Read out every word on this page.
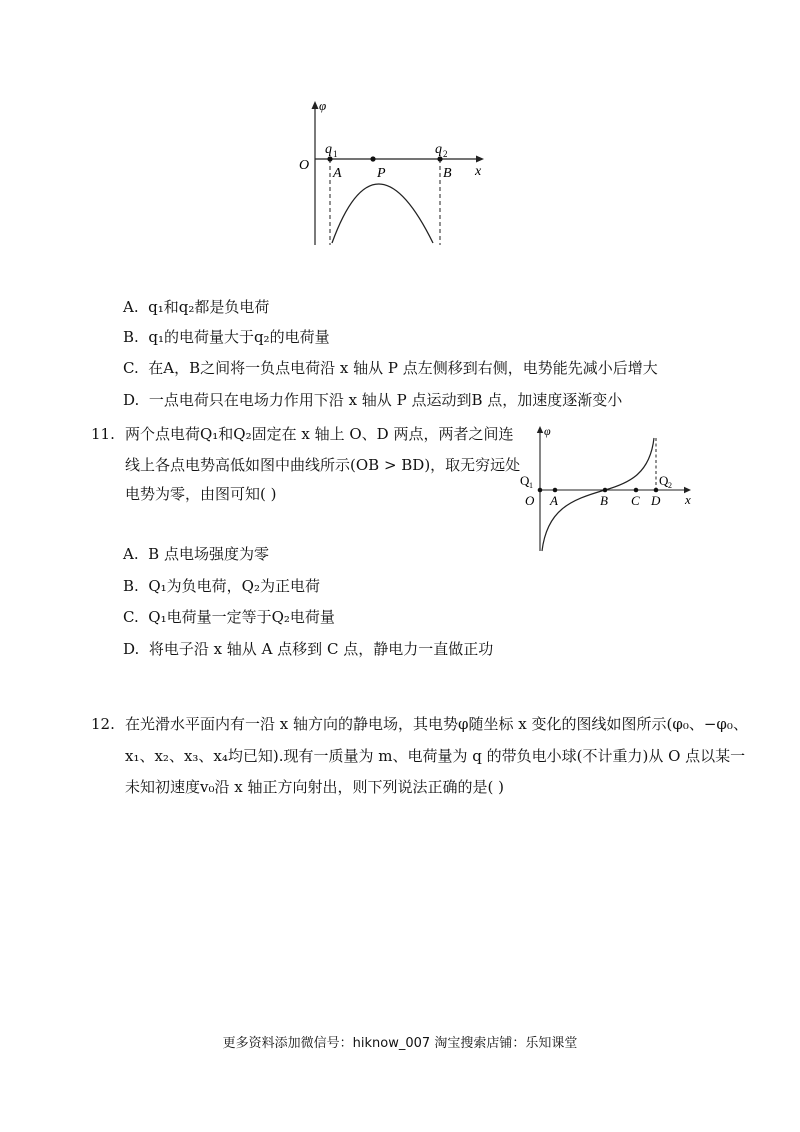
φ
O	x
q 1	q 2
A	P	B
A. q₁和q₂都是负电荷
B. q₁的电荷量大于q₂的电荷量
C. 在A，B之间将一负点电荷沿 x 轴从 P 点左侧移到右侧，电势能先减小后增大
D. 一点电荷只在电场力作用下沿 x 轴从 P 点运动到B 点，加速度逐渐变小
11. 两个点电荷Q₁和Q₂固定在 x 轴上 O、D 两点，两者之间连
线上各点电势高低如图中曲线所示(OB > BD)，取无穷远处
电势为零，由图可知( )
φ
x
Q 1	Q 2
O A	B C D
A. B 点电场强度为零
B. Q₁为负电荷，Q₂为正电荷
C. Q₁电荷量一定等于Q₂电荷量
D. 将电子沿 x 轴从 A 点移到 C 点，静电力一直做正功
12. 在光滑水平面内有一沿 x 轴方向的静电场，其电势φ随坐标 x 变化的图线如图所示(φ₀、−φ₀、
x₁、x₂、x₃、x₄均已知).现有一质量为 m、电荷量为 q 的带负电小球(不计重力)从 O 点以某一
未知初速度v₀沿 x 轴正方向射出，则下列说法正确的是( )
更多资料添加微信号：hiknow_007 淘宝搜索店铺：乐知课堂
